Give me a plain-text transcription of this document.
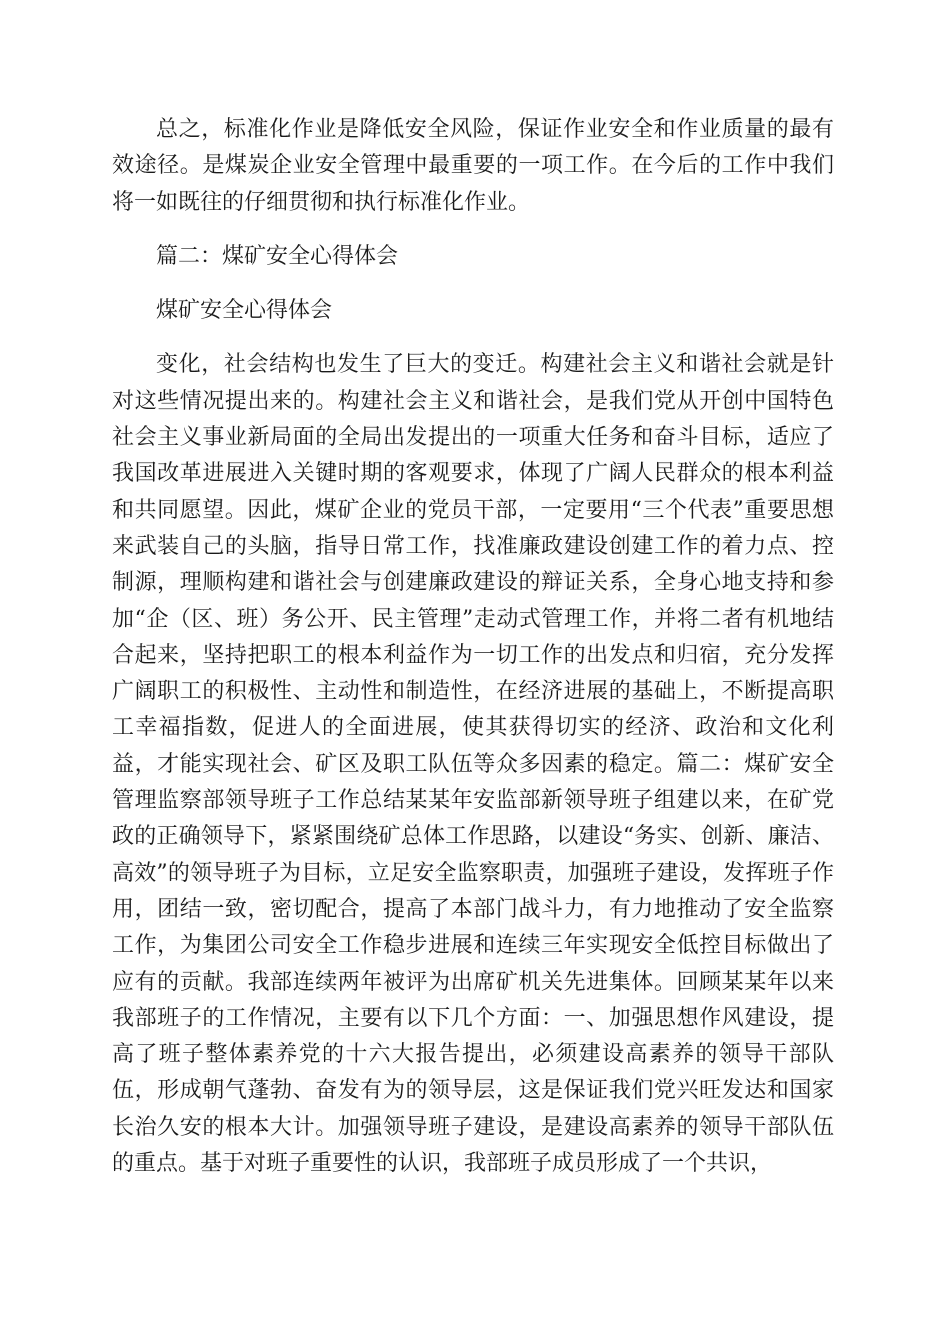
总之，标准化作业是降低安全风险，保证作业安全和作业质量的最有效途径。是煤炭企业安全管理中最重要的一项工作。在今后的工作中我们将一如既往的仔细贯彻和执行标准化作业。

篇二：煤矿安全心得体会

煤矿安全心得体会

变化，社会结构也发生了巨大的变迁。构建社会主义和谐社会就是针对这些情况提出来的。构建社会主义和谐社会，是我们党从开创中国特色社会主义事业新局面的全局出发提出的一项重大任务和奋斗目标，适应了我国改革进展进入关键时期的客观要求，体现了广阔人民群众的根本利益和共同愿望。因此，煤矿企业的党员干部，一定要用“三个代表”重要思想来武装自己的头脑，指导日常工作，找准廉政建设创建工作的着力点、控制源，理顺构建和谐社会与创建廉政建设的辩证关系，全身心地支持和参加“企（区、班）务公开、民主管理”走动式管理工作，并将二者有机地结合起来，坚持把职工的根本利益作为一切工作的出发点和归宿，充分发挥广阔职工的积极性、主动性和制造性，在经济进展的基础上，不断提高职工幸福指数，促进人的全面进展，使其获得切实的经济、政治和文化利益，才能实现社会、矿区及职工队伍等众多因素的稳定。篇二：煤矿安全管理监察部领导班子工作总结某某年安监部新领导班子组建以来，在矿党政的正确领导下，紧紧围绕矿总体工作思路，以建设“务实、创新、廉洁、高效”的领导班子为目标，立足安全监察职责，加强班子建设，发挥班子作用，团结一致，密切配合，提高了本部门战斗力，有力地推动了安全监察工作，为集团公司安全工作稳步进展和连续三年实现安全低控目标做出了应有的贡献。我部连续两年被评为出席矿机关先进集体。回顾某某年以来我部班子的工作情况，主要有以下几个方面：一、加强思想作风建设，提高了班子整体素养党的十六大报告提出，必须建设高素养的领导干部队伍，形成朝气蓬勃、奋发有为的领导层，这是保证我们党兴旺发达和国家长治久安的根本大计。加强领导班子建设，是建设高素养的领导干部队伍的重点。基于对班子重要性的认识，我部班子成员形成了一个共识，
